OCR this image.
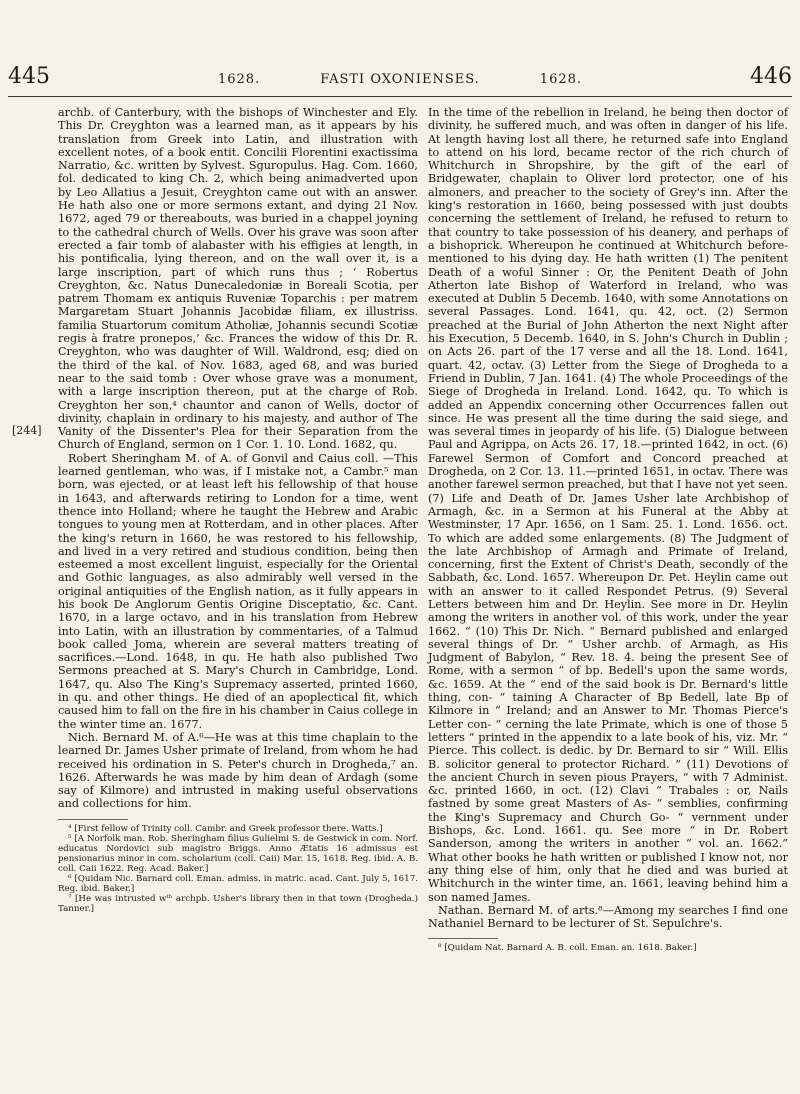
445	1628.	FASTI OXONIENSES.	1628.	446
[244]

archb. of Canterbury, with the bishops of Winchester and Ely. This Dr. Creyghton was a learned man, as it appears by his translation from Greek into Latin, and illustration with excellent notes, of a book entit. Concilii Florentini exactissima Narratio, &c. written by Sylvest. Sguropulus. Hag. Com. 1660, fol. dedicated to king Ch. 2, which being animadverted upon by Leo Allatius a Jesuit, Creyghton came out with an answer. He hath also one or more sermons extant, and dying 21 Nov. 1672, aged 79 or thereabouts, was buried in a chappel joyning to the cathedral church of Wells. Over his grave was soon after erected a fair tomb of alabaster with his effigies at length, in his pontificalia, lying thereon, and on the wall over it, is a large inscription, part of which runs thus ; ‘ Robertus Creyghton, &c. Natus Dunecaledoniæ in Boreali Scotia, per patrem Thomam ex antiquis Ruveniæ Toparchis : per matrem Margaretam Stuart Johannis Jacobidæ filiam, ex illustriss. familia Stuartorum comitum Atholiæ, Johannis secundi Scotiæ regis à fratre pronepos,’ &c. Frances the widow of this Dr. R. Creyghton, who was daughter of Will. Waldrond, esq; died on the third of the kal. of Nov. 1683, aged 68, and was buried near to the said tomb : Over whose grave was a monument, with a large inscription thereon, put at the charge of Rob. Creyghton her son,⁴ chauntor and canon of Wells, doctor of divinity, chaplain in ordinary to his majesty, and author of The Vanity of the Dissenter's Plea for their Separation from the Church of England, sermon on 1 Cor. 1. 10. Lond. 1682, qu.

Robert Sheringham M. of A. of Gonvil and Caius coll. —This learned gentleman, who was, if I mistake not, a Cambr.⁵ man born, was ejected, or at least left his fellowship of that house in 1643, and afterwards retiring to London for a time, went thence into Holland; where he taught the Hebrew and Arabic tongues to young men at Rotterdam, and in other places. After the king's return in 1660, he was restored to his fellowship, and lived in a very retired and studious condition, being then esteemed a most excellent linguist, especially for the Oriental and Gothic languages, as also admirably well versed in the original antiquities of the English nation, as it fully appears in his book De Anglorum Gentis Origine Disceptatio, &c. Cant. 1670, in a large octavo, and in his translation from Hebrew into Latin, with an illustration by commentaries, of a Talmud book called Joma, wherein are several matters treating of sacrifices.—Lond. 1648, in qu. He hath also published Two Sermons preached at S. Mary's Church in Cambridge, Lond. 1647, qu. Also The King's Supremacy asserted, printed 1660, in qu. and other things. He died of an apoplectical fit, which caused him to fall on the fire in his chamber in Caius college in the winter time an. 1677.

Nich. Bernard M. of A.⁶—He was at this time chaplain to the learned Dr. James Usher primate of Ireland, from whom he had received his ordination in S. Peter's church in Drogheda,⁷ an. 1626. Afterwards he was made by him dean of Ardagh (some say of Kilmore) and intrusted in making useful observations and collections for him.

⁴ [First fellow of Trinity coll. Cambr. and Greek professor there. Watts.]

⁵ [A Norfolk man. Rob. Sheringham filius Gulielmi S. de Gestwick in com. Norf. educatus Nordovici sub magistro Briggs. Anno Ætatis 16 admissus est pensionarius minor in com. scholarium (coll. Caii) Mar. 15, 1618. Reg. ibid. A. B. coll. Caii 1622. Reg. Acad. Baker.]

⁶ [Quidam Nic. Barnard coll. Eman. admiss. in matric. acad. Cant. July 5, 1617. Reg. ibid. Baker.]

⁷ [He was intrusted wᵗʰ archpb. Usher's library then in that town (Drogheda.) Tanner.]

In the time of the rebellion in Ireland, he being then doctor of divinity, he suffered much, and was often in danger of his life. At length having lost all there, he returned safe into England to attend on his lord, became rector of the rich church of Whitchurch in Shropshire, by the gift of the earl of Bridgewater, chaplain to Oliver lord protector, one of his almoners, and preacher to the society of Grey's inn. After the king's restoration in 1660, being possessed with just doubts concerning the settlement of Ireland, he refused to return to that country to take possession of his deanery, and perhaps of a bishoprick. Whereupon he continued at Whitchurch before-mentioned to his dying day. He hath written (1) The penitent Death of a woful Sinner : Or, the Penitent Death of John Atherton late Bishop of Waterford in Ireland, who was executed at Dublin 5 Decemb. 1640, with some Annotations on several Passages. Lond. 1641, qu. 42, oct. (2) Sermon preached at the Burial of John Atherton the next Night after his Execution, 5 Decemb. 1640, in S. John's Church in Dublin ; on Acts 26. part of the 17 verse and all the 18. Lond. 1641, quart. 42, octav. (3) Letter from the Siege of Drogheda to a Friend in Dublin, 7 Jan. 1641. (4) The whole Proceedings of the Siege of Drogheda in Ireland. Lond. 1642, qu. To which is added an Appendix concerning other Occurrences fallen out since. He was present all the time during the said siege, and was several times in jeopardy of his life. (5) Dialogue between Paul and Agrippa, on Acts 26. 17, 18.—printed 1642, in oct. (6) Farewel Sermon of Comfort and Concord preached at Drogheda, on 2 Cor. 13. 11.—printed 1651, in octav. There was another farewel sermon preached, but that I have not yet seen. (7) Life and Death of Dr. James Usher late Archbishop of Armagh, &c. in a Sermon at his Funeral at the Abby at Westminster, 17 Apr. 1656, on 1 Sam. 25. 1. Lond. 1656. oct. To which are added some enlargements. (8) The Judgment of the late Archbishop of Armagh and Primate of Ireland, concerning, first the Extent of Christ's Death, secondly of the Sabbath, &c. Lond. 1657. Whereupon Dr. Pet. Heylin came out with an answer to it called Respondet Petrus. (9) Several Letters between him and Dr. Heylin. See more in Dr. Heylin among the writers in another vol. of this work, under the year 1662. “ (10) This Dr. Nich. “ Bernard published and enlarged several things of Dr. “ Usher archb. of Armagh, as His Judgment of Babylon, “ Rev. 18. 4. being the present See of Rome, with a sermon “ of bp. Bedell's upon the same words, &c. 1659. At the “ end of the said book is Dr. Bernard's little thing, con- “ taining A Character of Bp Bedell, late Bp of Kilmore in “ Ireland; and an Answer to Mr. Thomas Pierce's Letter con- “ cerning the late Primate, which is one of those 5 letters “ printed in the appendix to a late book of his, viz. Mr. “ Pierce. This collect. is dedic. by Dr. Bernard to sir “ Will. Ellis B. solicitor general to protector Richard. “ (11) Devotions of the ancient Church in seven pious Prayers, “ with 7 Administ. &c. printed 1660, in oct. (12) Clavi “ Trabales : or, Nails fastned by some great Masters of As- “ semblies, confirming the King's Supremacy and Church Go- “ vernment under Bishops, &c. Lond. 1661. qu. See more “ in Dr. Robert Sanderson, among the writers in another “ vol. an. 1662.” What other books he hath written or published I know not, nor any thing else of him, only that he died and was buried at Whitchurch in the winter time, an. 1661, leaving behind him a son named James.

Nathan. Bernard M. of arts.⁸—Among my searches I find one Nathaniel Bernard to be lecturer of St. Sepulchre's.

⁸ [Quidam Nat. Barnard A. B. coll. Eman. an. 1618. Baker.]
